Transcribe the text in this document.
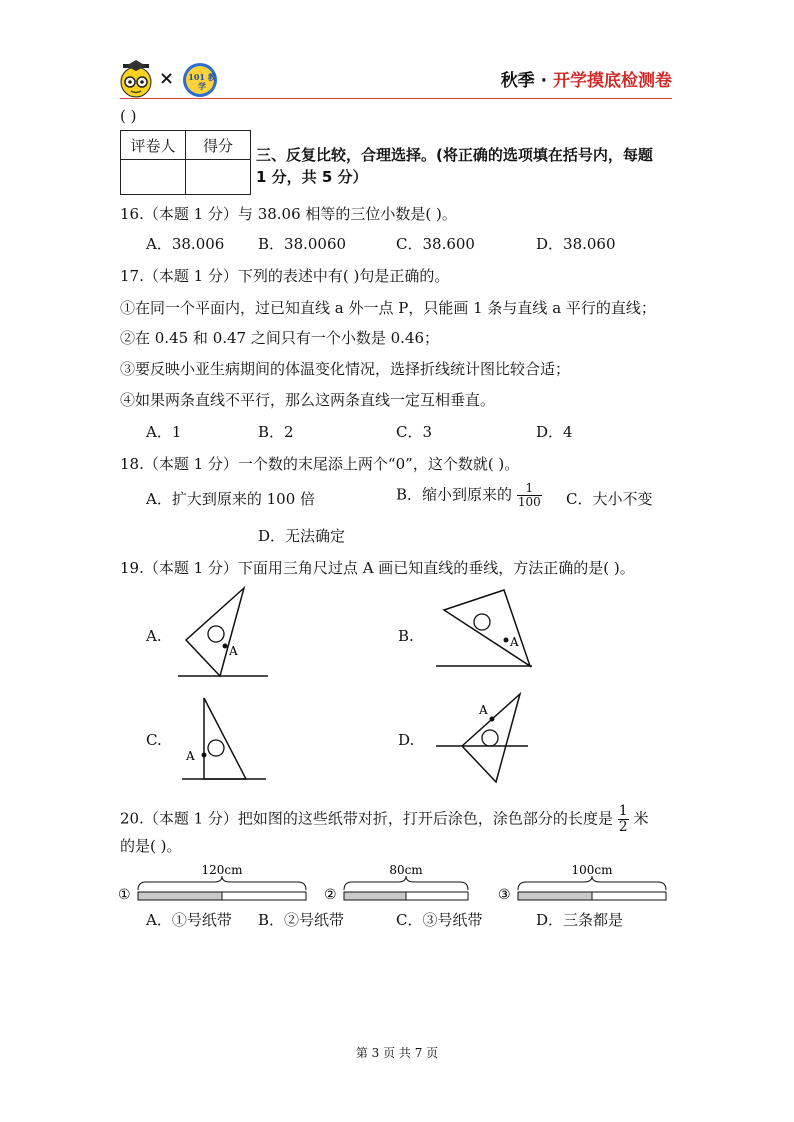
× 101 教学	秋季 · 开学摸底检测卷
( )
评卷人	得分

三、反复比较，合理选择。(将正确的选项填在括号内，每题
1 分，共 5 分）
16.（本题 1 分）与 38.06 相等的三位小数是( )。
A．38.006 B．38.0060	C．38.600	D．38.060
17.（本题 1 分）下列的表述中有( )句是正确的。
①在同一个平面内，过已知直线 a 外一点 P，只能画 1 条与直线 a 平行的直线；
②在 0.45 和 0.47 之间只有一个小数是 0.46；
③要反映小亚生病期间的体温变化情况，选择折线统计图比较合适；
④如果两条直线不平行，那么这两条直线一定互相垂直。
A．1	B．2	C．3	D．4
18.（本题 1 分）一个数的末尾添上两个“0”，这个数就( )。
A．扩大到原来的 100 倍	B．缩小到原来的 $\frac{1}{100}$ C．大小不变
D．无法确定
19.（本题 1 分）下面用三角尺过点 A 画已知直线的垂线，方法正确的是( )。
A.
A
B.	A
C.
A
D.
A
20.（本题 1 分）把如图的这些纸带对折，打开后涂色，涂色部分的长度是 $\frac{1}{2}$ 米
的是( )。
①
120cm
②
80cm
③
100cm
A．①号纸带 B．②号纸带	C．③号纸带	D．三条都是
第 3 页 共 7 页
